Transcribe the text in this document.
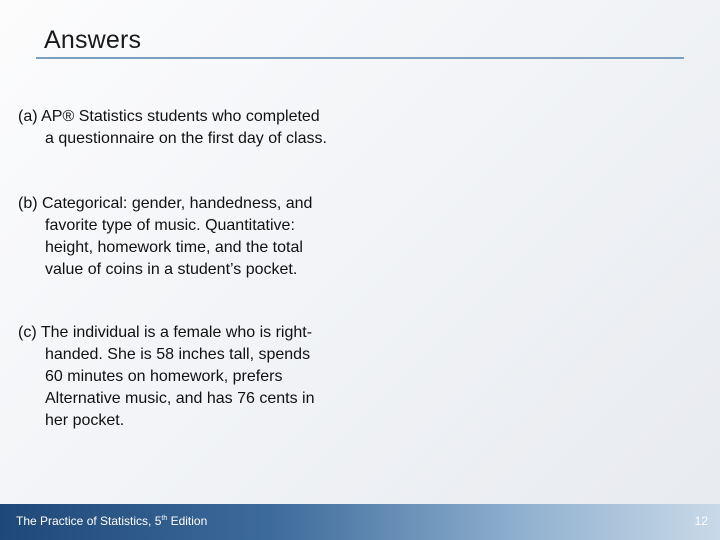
Answers
(a) AP® Statistics students who completed
a questionnaire on the first day of class.
(b) Categorical: gender, handedness, and
favorite type of music. Quantitative:
height, homework time, and the total
value of coins in a student’s pocket.
(c) The individual is a female who is right-
handed. She is 58 inches tall, spends
60 minutes on homework, prefers
Alternative music, and has 76 cents in
her pocket.
The Practice of Statistics, 5th Edition	12
